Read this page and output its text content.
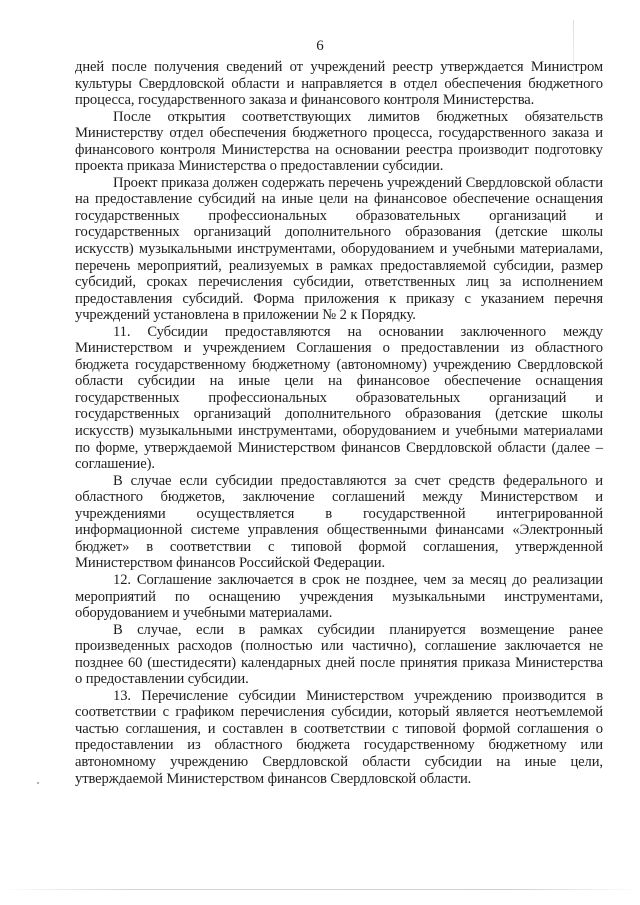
6

дней после получения сведений от учреждений реестр утверждается Министром культуры Свердловской области и направляется в отдел обеспечения бюджетного процесса, государственного заказа и финансового контроля Министерства.

После открытия соответствующих лимитов бюджетных обязательств Министерству отдел обеспечения бюджетного процесса, государственного заказа и финансового контроля Министерства на основании реестра производит подготовку проекта приказа Министерства о предоставлении субсидии.

Проект приказа должен содержать перечень учреждений Свердловской области на предоставление субсидий на иные цели на финансовое обеспечение оснащения государственных профессиональных образовательных организаций и государственных организаций дополнительного образования (детские школы искусств) музыкальными инструментами, оборудованием и учебными материалами, перечень мероприятий, реализуемых в рамках предоставляемой субсидии, размер субсидий, сроках перечисления субсидии, ответственных лиц за исполнением предоставления субсидий. Форма приложения к приказу с указанием перечня учреждений установлена в приложении № 2 к Порядку.

11. Субсидии предоставляются на основании заключенного между Министерством и учреждением Соглашения о предоставлении из областного бюджета государственному бюджетному (автономному) учреждению Свердловской области субсидии на иные цели на финансовое обеспечение оснащения государственных профессиональных образовательных организаций и государственных организаций дополнительного образования (детские школы искусств) музыкальными инструментами, оборудованием и учебными материалами по форме, утверждаемой Министерством финансов Свердловской области (далее – соглашение).

В случае если субсидии предоставляются за счет средств федерального и областного бюджетов, заключение соглашений между Министерством и учреждениями осуществляется в государственной интегрированной информационной системе управления общественными финансами «Электронный бюджет» в соответствии с типовой формой соглашения, утвержденной Министерством финансов Российской Федерации.

12. Соглашение заключается в срок не позднее, чем за месяц до реализации мероприятий по оснащению учреждения музыкальными инструментами, оборудованием и учебными материалами.

В случае, если в рамках субсидии планируется возмещение ранее произведенных расходов (полностью или частично), соглашение заключается не позднее 60 (шестидесяти) календарных дней после принятия приказа Министерства о предоставлении субсидии.

13. Перечисление субсидии Министерством учреждению производится в соответствии с графиком перечисления субсидии, который является неотъемлемой частью соглашения, и составлен в соответствии с типовой формой соглашения о предоставлении из областного бюджета государственному бюджетному или автономному учреждению Свердловской области субсидии на иные цели, утверждаемой Министерством финансов Свердловской области.
